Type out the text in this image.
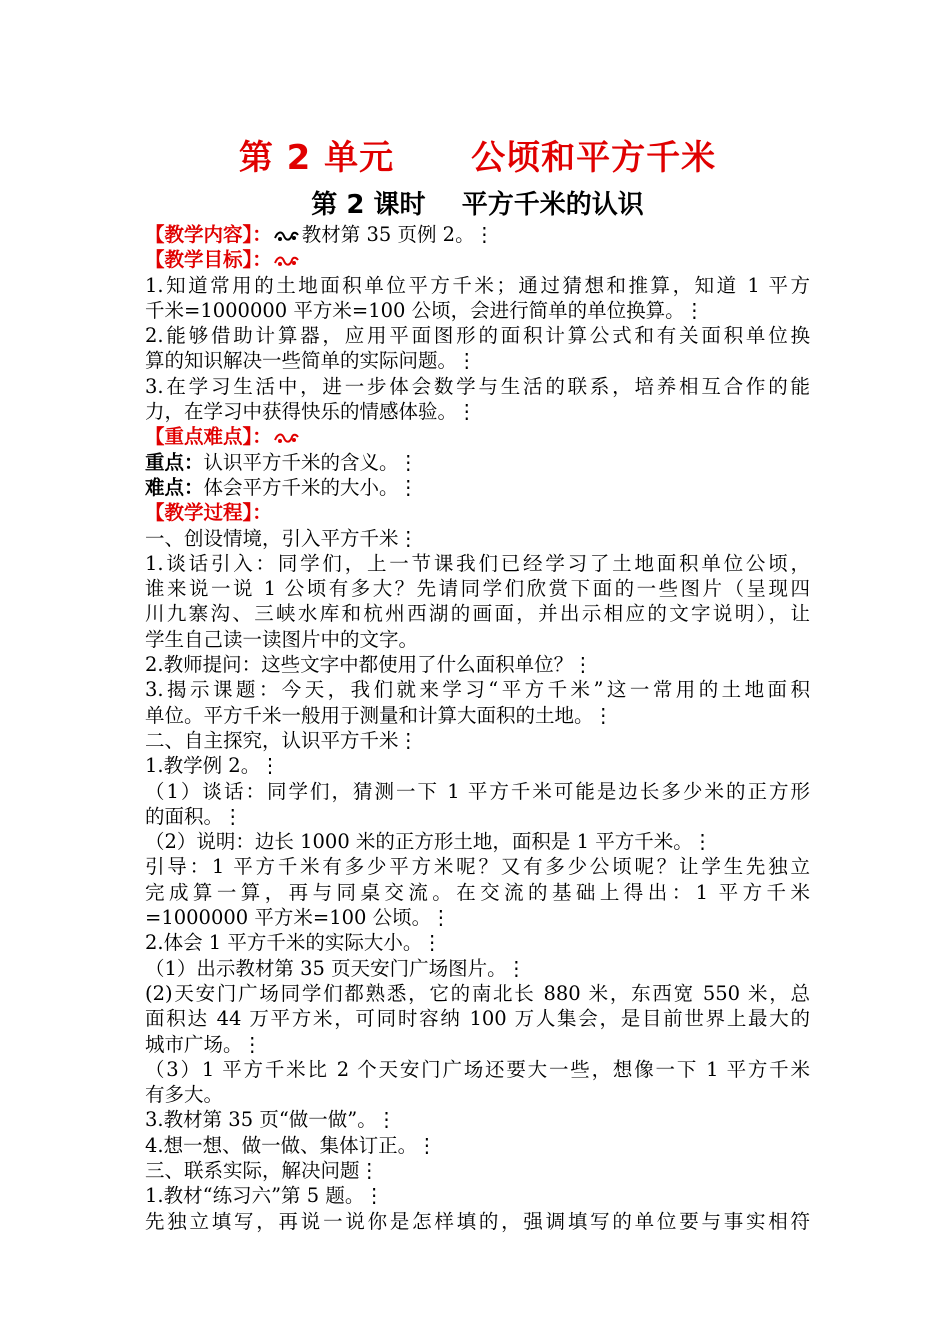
第 2 单元      公顷和平方千米
第 2 课时    平方千米的认识
【教学内容】： 教材第 35 页例 2。⋮
【教学目标】：
1.知道常用的土地面积单位平方千米；通过猜想和推算，知道 1 平方
千米=1000000 平方米=100 公顷，会进行简单的单位换算。⋮
2.能够借助计算器，应用平面图形的面积计算公式和有关面积单位换
算的知识解决一些简单的实际问题。⋮
3.在学习生活中，进一步体会数学与生活的联系，培养相互合作的能
力，在学习中获得快乐的情感体验。⋮
【重点难点】：
重点：认识平方千米的含义。⋮
难点：体会平方千米的大小。⋮
【教学过程】：
一、创设情境，引入平方千米⋮
1.谈话引入：同学们，上一节课我们已经学习了土地面积单位公顷，
谁来说一说 1 公顷有多大？先请同学们欣赏下面的一些图片（呈现四
川九寨沟、三峡水库和杭州西湖的画面，并出示相应的文字说明），让
学生自己读一读图片中的文字。
2.教师提问：这些文字中都使用了什么面积单位？⋮
3.揭示课题：今天，我们就来学习“平方千米”这一常用的土地面积
单位。平方千米一般用于测量和计算大面积的土地。⋮
二、自主探究，认识平方千米⋮
1.教学例 2。⋮
（1）谈话：同学们，猜测一下 1 平方千米可能是边长多少米的正方形
的面积。⋮
（2）说明：边长 1000 米的正方形土地，面积是 1 平方千米。⋮
引导：1 平方千米有多少平方米呢？又有多少公顷呢？让学生先独立
完成算一算，再与同桌交流。在交流的基础上得出：1 平方千米
=1000000 平方米=100 公顷。⋮
2.体会 1 平方千米的实际大小。⋮
（1）出示教材第 35 页天安门广场图片。⋮
(2)天安门广场同学们都熟悉，它的南北长 880 米，东西宽 550 米，总
面积达 44 万平方米，可同时容纳 100 万人集会，是目前世界上最大的
城市广场。⋮
（3）1 平方千米比 2 个天安门广场还要大一些，想像一下 1 平方千米
有多大。
3.教材第 35 页“做一做”。⋮
4.想一想、做一做、集体订正。⋮
三、联系实际，解决问题⋮
1.教材“练习六”第 5 题。⋮
先独立填写，再说一说你是怎样填的，强调填写的单位要与事实相符
